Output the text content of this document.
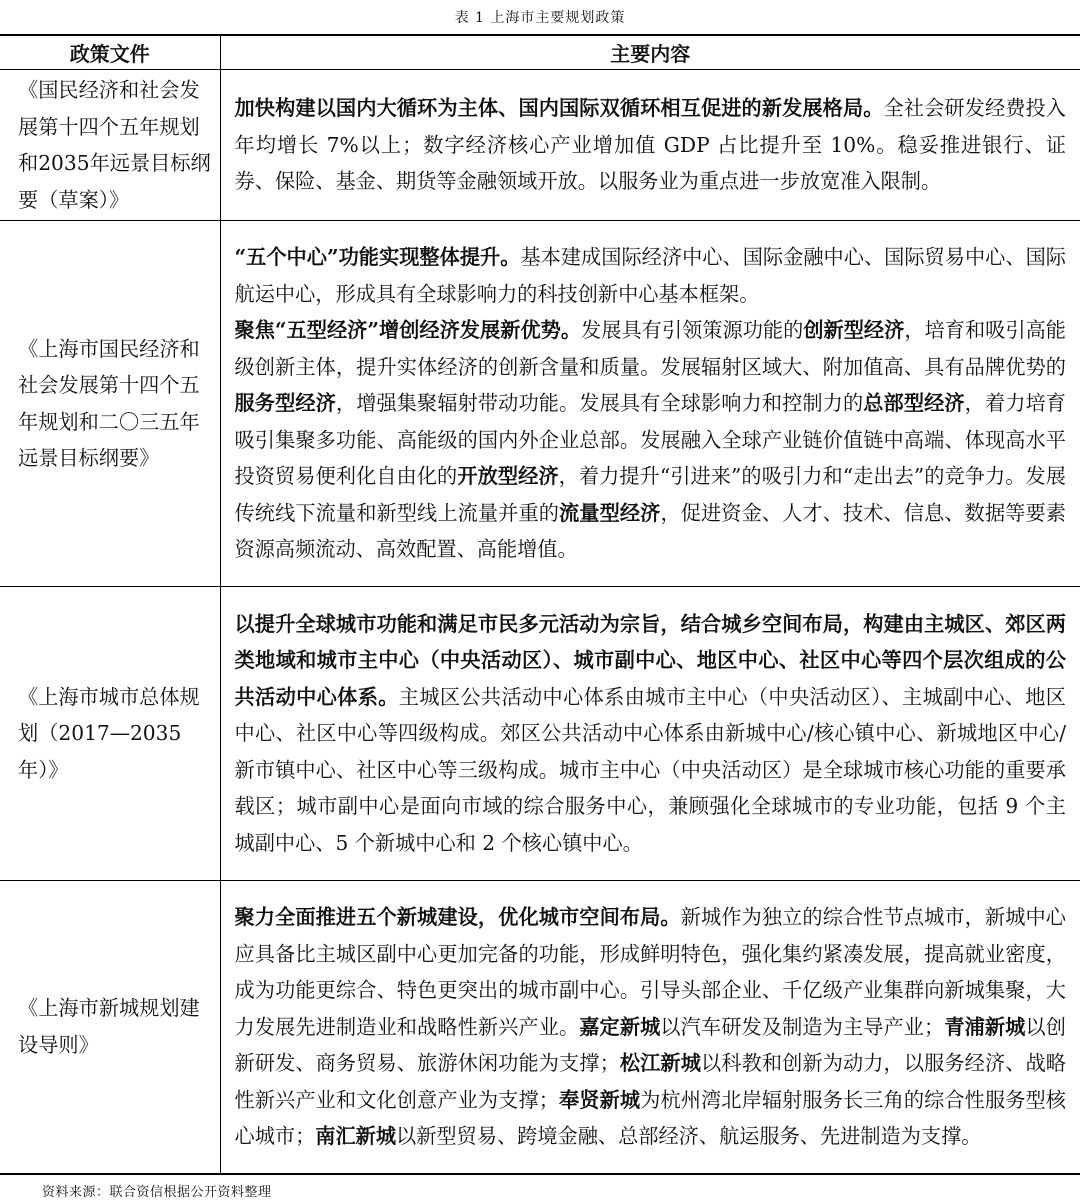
表 1 上海市主要规划政策
政策文件	主要内容
《国民经济和社会发展第十四个五年规划和2035年远景目标纲要（草案）》	加快构建以国内大循环为主体、国内国际双循环相互促进的新发展格局。全社会研发经费投入年均增长 7%以上；数字经济核心产业增加值 GDP 占比提升至 10%。稳妥推进银行、证券、保险、基金、期货等金融领域开放。以服务业为重点进一步放宽准入限制。
《上海市国民经济和社会发展第十四个五年规划和二〇三五年远景目标纲要》	“五个中心”功能实现整体提升。基本建成国际经济中心、国际金融中心、国际贸易中心、国际航运中心，形成具有全球影响力的科技创新中心基本框架。
聚焦“五型经济”增创经济发展新优势。发展具有引领策源功能的创新型经济，培育和吸引高能级创新主体，提升实体经济的创新含量和质量。发展辐射区域大、附加值高、具有品牌优势的服务型经济，增强集聚辐射带动功能。发展具有全球影响力和控制力的总部型经济，着力培育吸引集聚多功能、高能级的国内外企业总部。发展融入全球产业链价值链中高端、体现高水平投资贸易便利化自由化的开放型经济，着力提升“引进来”的吸引力和“走出去”的竞争力。发展传统线下流量和新型线上流量并重的流量型经济，促进资金、人才、技术、信息、数据等要素资源高频流动、高效配置、高能增值。
《上海市城市总体规划（2017—2035年）》	以提升全球城市功能和满足市民多元活动为宗旨，结合城乡空间布局，构建由主城区、郊区两类地域和城市主中心（中央活动区）、城市副中心、地区中心、社区中心等四个层次组成的公共活动中心体系。主城区公共活动中心体系由城市主中心（中央活动区）、主城副中心、地区中心、社区中心等四级构成。郊区公共活动中心体系由新城中心/核心镇中心、新城地区中心/新市镇中心、社区中心等三级构成。城市主中心（中央活动区）是全球城市核心功能的重要承载区；城市副中心是面向市域的综合服务中心，兼顾强化全球城市的专业功能，包括 9 个主城副中心、5 个新城中心和 2 个核心镇中心。
《上海市新城规划建设导则》	聚力全面推进五个新城建设，优化城市空间布局。新城作为独立的综合性节点城市，新城中心应具备比主城区副中心更加完备的功能，形成鲜明特色，强化集约紧凑发展，提高就业密度，成为功能更综合、特色更突出的城市副中心。引导头部企业、千亿级产业集群向新城集聚，大力发展先进制造业和战略性新兴产业。嘉定新城以汽车研发及制造为主导产业；青浦新城以创新研发、商务贸易、旅游休闲功能为支撑；松江新城以科教和创新为动力，以服务经济、战略性新兴产业和文化创意产业为支撑；奉贤新城为杭州湾北岸辐射服务长三角的综合性服务型核心城市；南汇新城以新型贸易、跨境金融、总部经济、航运服务、先进制造为支撑。
资料来源：联合资信根据公开资料整理
